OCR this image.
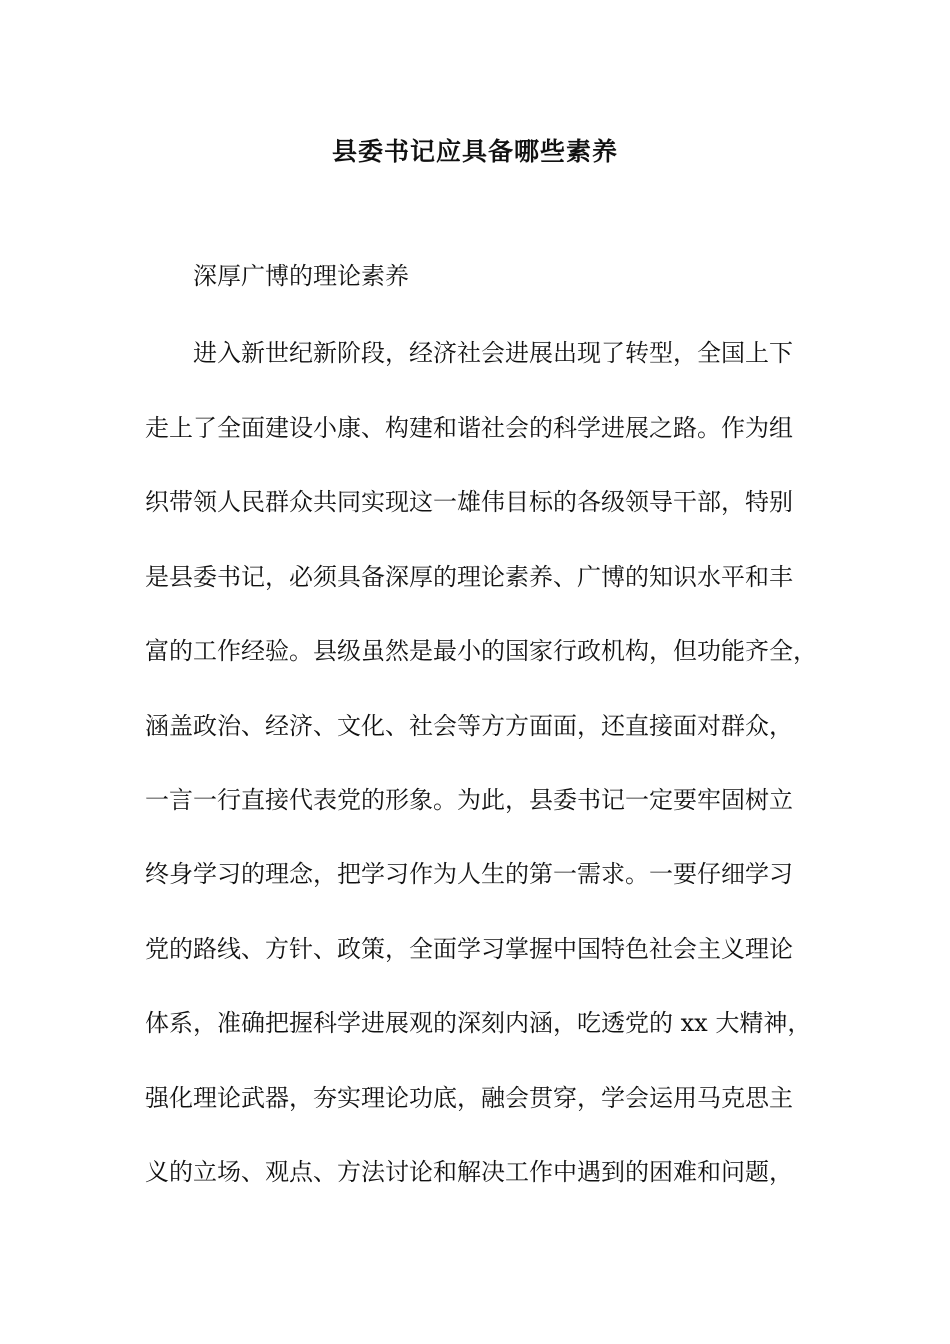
县委书记应具备哪些素养

深厚广博的理论素养

进入新世纪新阶段，经济社会进展出现了转型，全国上下

走上了全面建设小康、构建和谐社会的科学进展之路。作为组

织带领人民群众共同实现这一雄伟目标的各级领导干部，特别

是县委书记，必须具备深厚的理论素养、广博的知识水平和丰

富的工作经验。县级虽然是最小的国家行政机构，但功能齐全，

涵盖政治、经济、文化、社会等方方面面，还直接面对群众，

一言一行直接代表党的形象。为此，县委书记一定要牢固树立

终身学习的理念，把学习作为人生的第一需求。一要仔细学习

党的路线、方针、政策，全面学习掌握中国特色社会主义理论

体系，准确把握科学进展观的深刻内涵，吃透党的 xx 大精神，

强化理论武器，夯实理论功底，融会贯穿，学会运用马克思主

义的立场、观点、方法讨论和解决工作中遇到的困难和问题，
